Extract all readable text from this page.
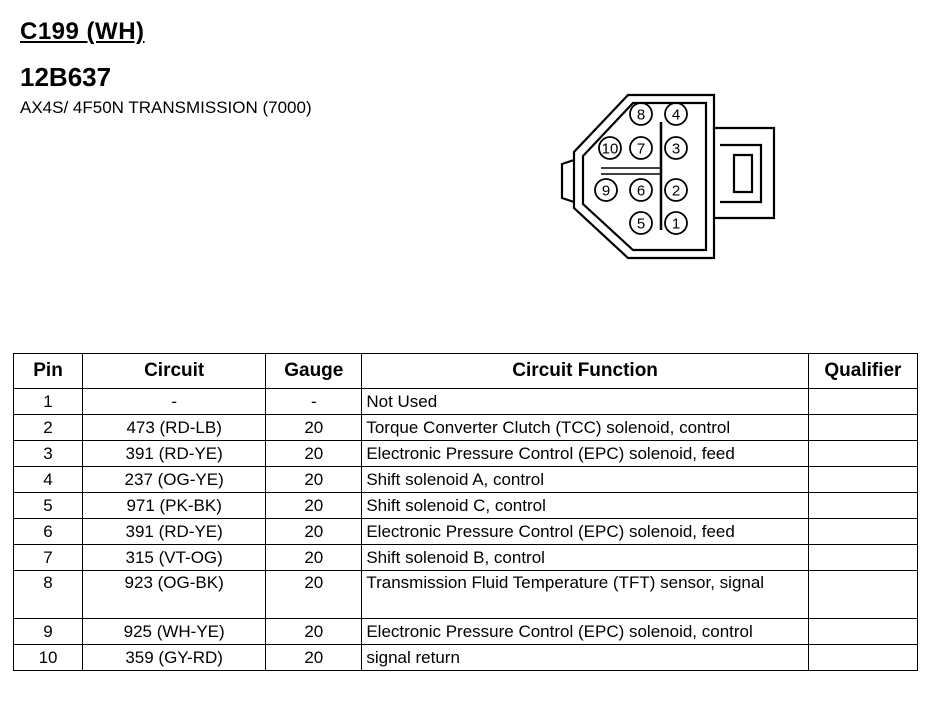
C199 (WH)
12B637
AX4S/ 4F50N TRANSMISSION (7000)	8 4
10 7 3
9 6 2
5 1
Pin	Circuit	Gauge	Circuit Function	Qualifier
1	-	-	Not Used	
2	473 (RD-LB)	20	Torque Converter Clutch (TCC) solenoid, control	
3	391 (RD-YE)	20	Electronic Pressure Control (EPC) solenoid, feed	
4	237 (OG-YE)	20	Shift solenoid A, control	
5	971 (PK-BK)	20	Shift solenoid C, control	
6	391 (RD-YE)	20	Electronic Pressure Control (EPC) solenoid, feed	
7	315 (VT-OG)	20	Shift solenoid B, control	
8	923 (OG-BK)	20	Transmission Fluid Temperature (TFT) sensor, signal	
9	925 (WH-YE)	20	Electronic Pressure Control (EPC) solenoid, control	
10	359 (GY-RD)	20	signal return	
